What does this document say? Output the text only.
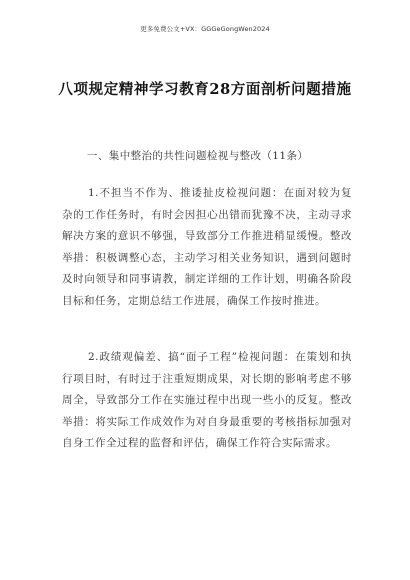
更多免费公文+VX：GGGeGongWen2024
八项规定精神学习教育28方面剖析问题措施
一、集中整治的共性问题检视与整改（11条）

1.不担当不作为、推诿扯皮检视问题：在面对较为复杂的工作任务时，有时会因担心出错而犹豫不决，主动寻求解决方案的意识不够强，导致部分工作推进稍显缓慢。整改举措：积极调整心态，主动学习相关业务知识，遇到问题时及时向领导和同事请教，制定详细的工作计划，明确各阶段目标和任务，定期总结工作进展，确保工作按时推进。

2.政绩观偏差、搞“面子工程”检视问题：在策划和执行项目时，有时过于注重短期成果，对长期的影响考虑不够周全，导致部分工作在实施过程中出现一些小的反复。整改举措：将实际工作成效作为对自身最重要的考核指标加强对自身工作全过程的监督和评估，确保工作符合实际需求。
